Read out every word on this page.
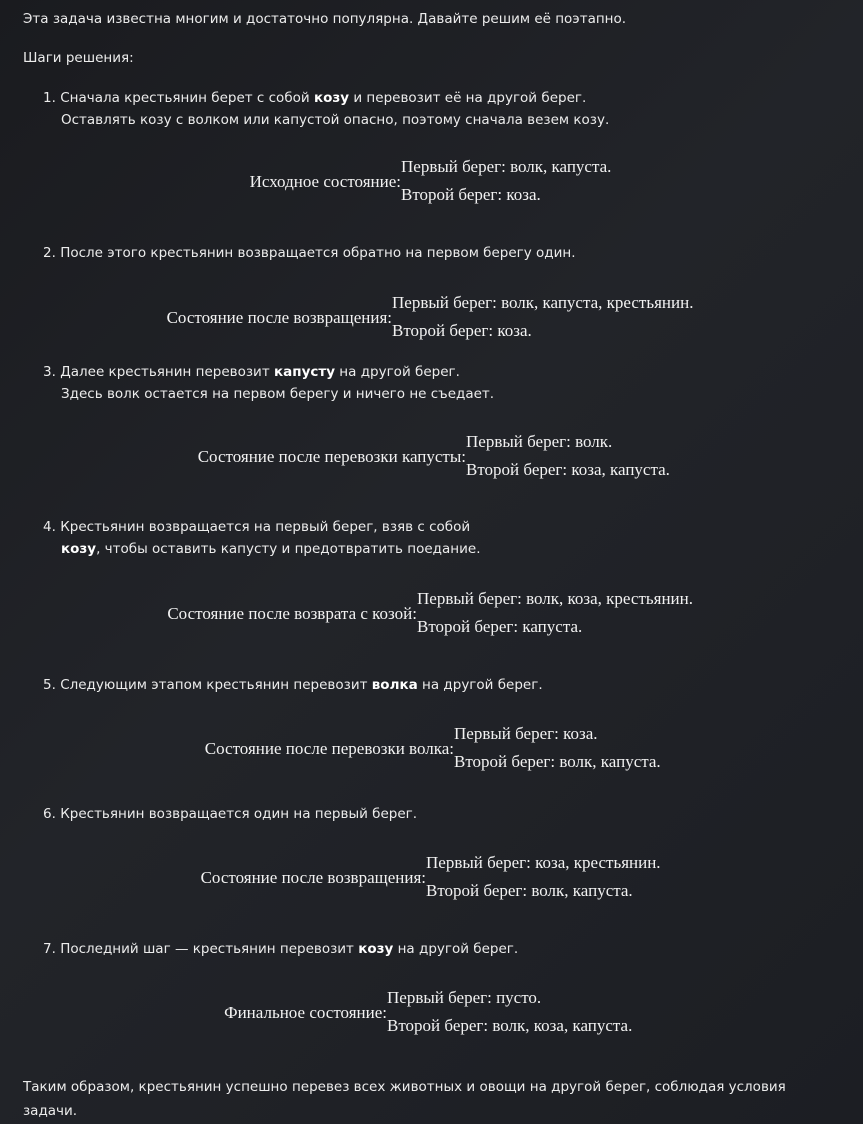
Эта задача известна многим и достаточно популярна. Давайте решим её поэтапно.
Шаги решения:
1. Сначала крестьянин берет с собой козу и перевозит её на другой берег.
Оставлять козу с волком или капустой опасно, поэтому сначала везем козу.
Исходное состояние:
Первый берег: волк, капуста.
Второй берег: коза.
2. После этого крестьянин возвращается обратно на первом берегу один.
Состояние после возвращения:
Первый берег: волк, капуста, крестьянин.
Второй берег: коза.
3. Далее крестьянин перевозит капусту на другой берег.
Здесь волк остается на первом берегу и ничего не съедает.
Состояние после перевозки капусты:
Первый берег: волк.
Второй берег: коза, капуста.
4. Крестьянин возвращается на первый берег, взяв с собой
козу, чтобы оставить капусту и предотвратить поедание.
Состояние после возврата с козой:
Первый берег: волк, коза, крестьянин.
Второй берег: капуста.
5. Следующим этапом крестьянин перевозит волка на другой берег.
Состояние после перевозки волка:
Первый берег: коза.
Второй берег: волк, капуста.
6. Крестьянин возвращается один на первый берег.
Состояние после возвращения:
Первый берег: коза, крестьянин.
Второй берег: волк, капуста.
7. Последний шаг — крестьянин перевозит козу на другой берег.
Финальное состояние:
Первый берег: пусто.
Второй берег: волк, коза, капуста.
Таким образом, крестьянин успешно перевез всех животных и овощи на другой берег, соблюдая условия задачи.
